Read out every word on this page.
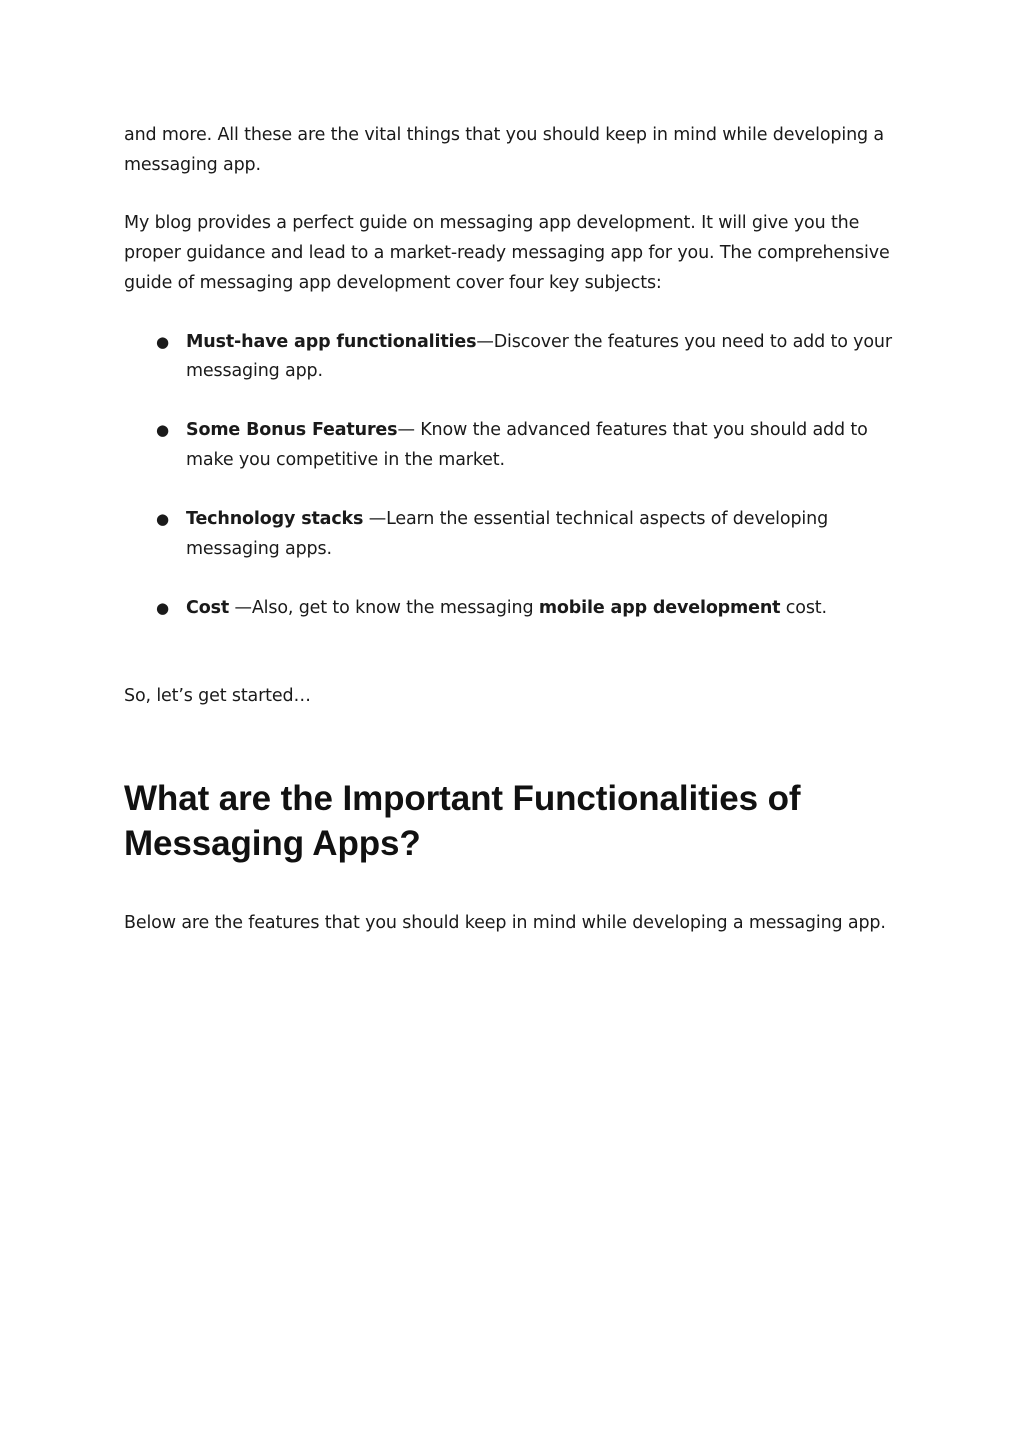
and more. All these are the vital things that you should keep in mind while developing a messaging app.

My blog provides a perfect guide on messaging app development. It will give you the proper guidance and lead to a market-ready messaging app for you. The comprehensive guide of messaging app development cover four key subjects:

● Must-have app functionalities—Discover the features you need to add to your messaging app.
● Some Bonus Features— Know the advanced features that you should add to make you competitive in the market.
● Technology stacks —Learn the essential technical aspects of developing messaging apps.
● Cost —Also, get to know the messaging mobile app development cost.

So, let’s get started…

What are the Important Functionalities of Messaging Apps?

Below are the features that you should keep in mind while developing a messaging app.
